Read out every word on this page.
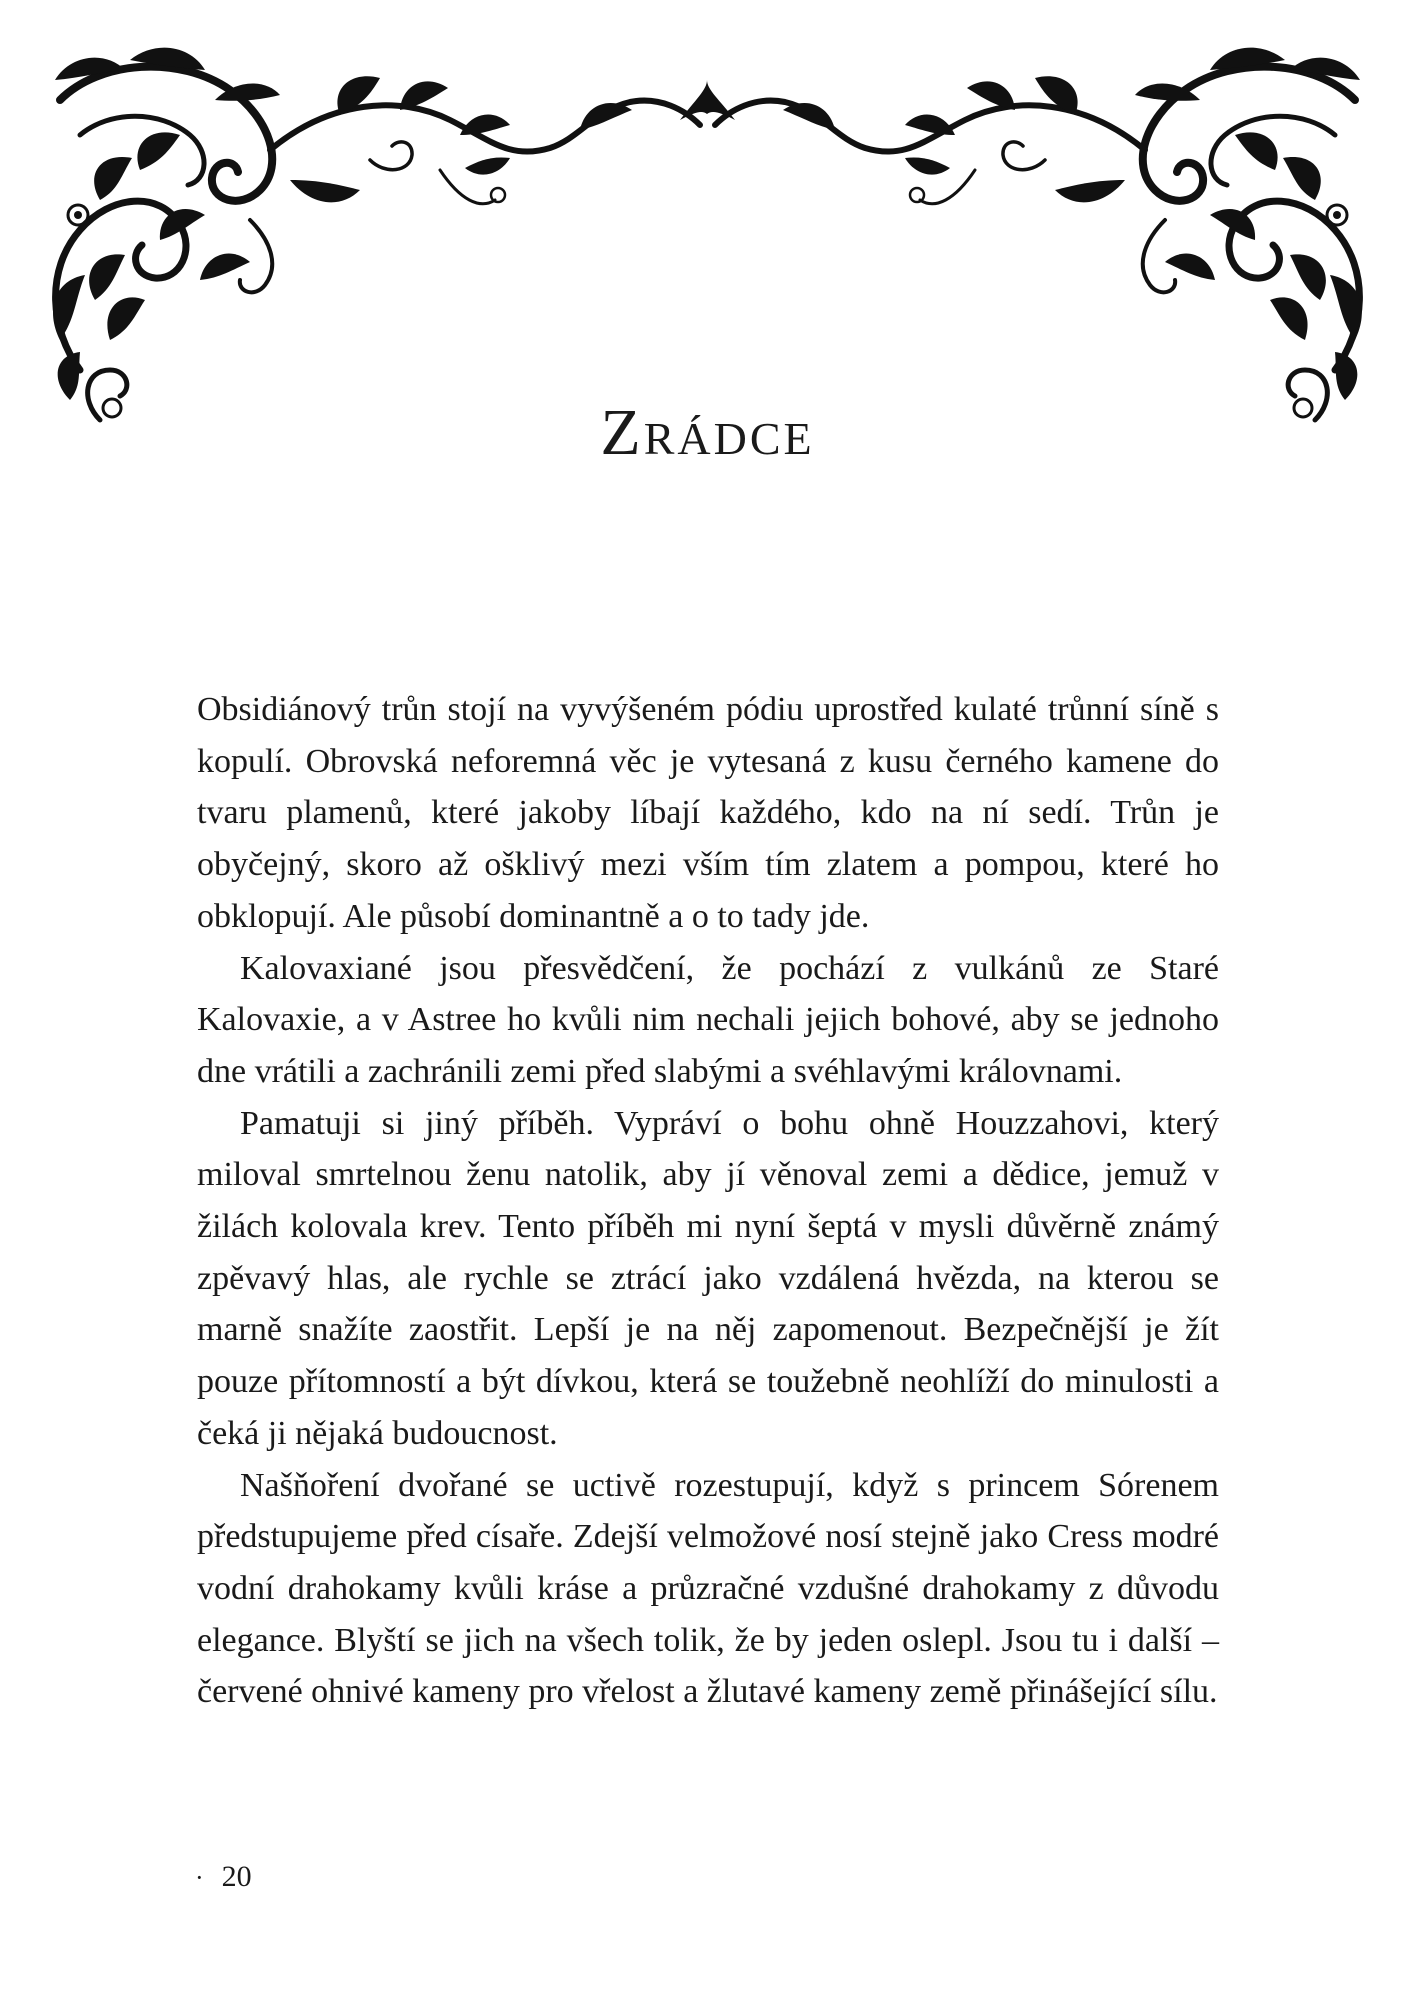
Zrádce

Obsidiánový trůn stojí na vyvýšeném pódiu uprostřed kulaté trůnní síně s kopulí. Obrovská neforemná věc je vytesaná z kusu černého kamene do tvaru plamenů, které jakoby líbají každého, kdo na ní sedí. Trůn je obyčejný, skoro až ošklivý mezi vším tím zlatem a pompou, které ho obklopují. Ale působí dominantně a o to tady jde.

Kalovaxiané jsou přesvědčení, že pochází z vulkánů ze Staré Kalovaxie, a v Astree ho kvůli nim nechali jejich bohové, aby se jednoho dne vrátili a zachránili zemi před slabými a svéhlavými královnami.

Pamatuji si jiný příběh. Vypráví o bohu ohně Houzzahovi, který miloval smrtelnou ženu natolik, aby jí věnoval zemi a dědice, jemuž v žilách kolovala krev. Tento příběh mi nyní šeptá v mysli důvěrně známý zpěvavý hlas, ale rychle se ztrácí jako vzdálená hvězda, na kterou se marně snažíte zaostřit. Lepší je na něj zapomenout. Bezpečnější je žít pouze přítomností a být dívkou, která se toužebně neohlíží do minulosti a čeká ji nějaká budoucnost.

Našňoření dvořané se uctivě rozestupují, když s princem Sórenem předstupujeme před císaře. Zdejší velmožové nosí stejně jako Cress modré vodní drahokamy kvůli kráse a průzračné vzdušné drahokamy z důvodu elegance. Blyští se jich na všech tolik, že by jeden oslepl. Jsou tu i další – červené ohnivé kameny pro vřelost a žlutavé kameny země přinášející sílu.

· 20
